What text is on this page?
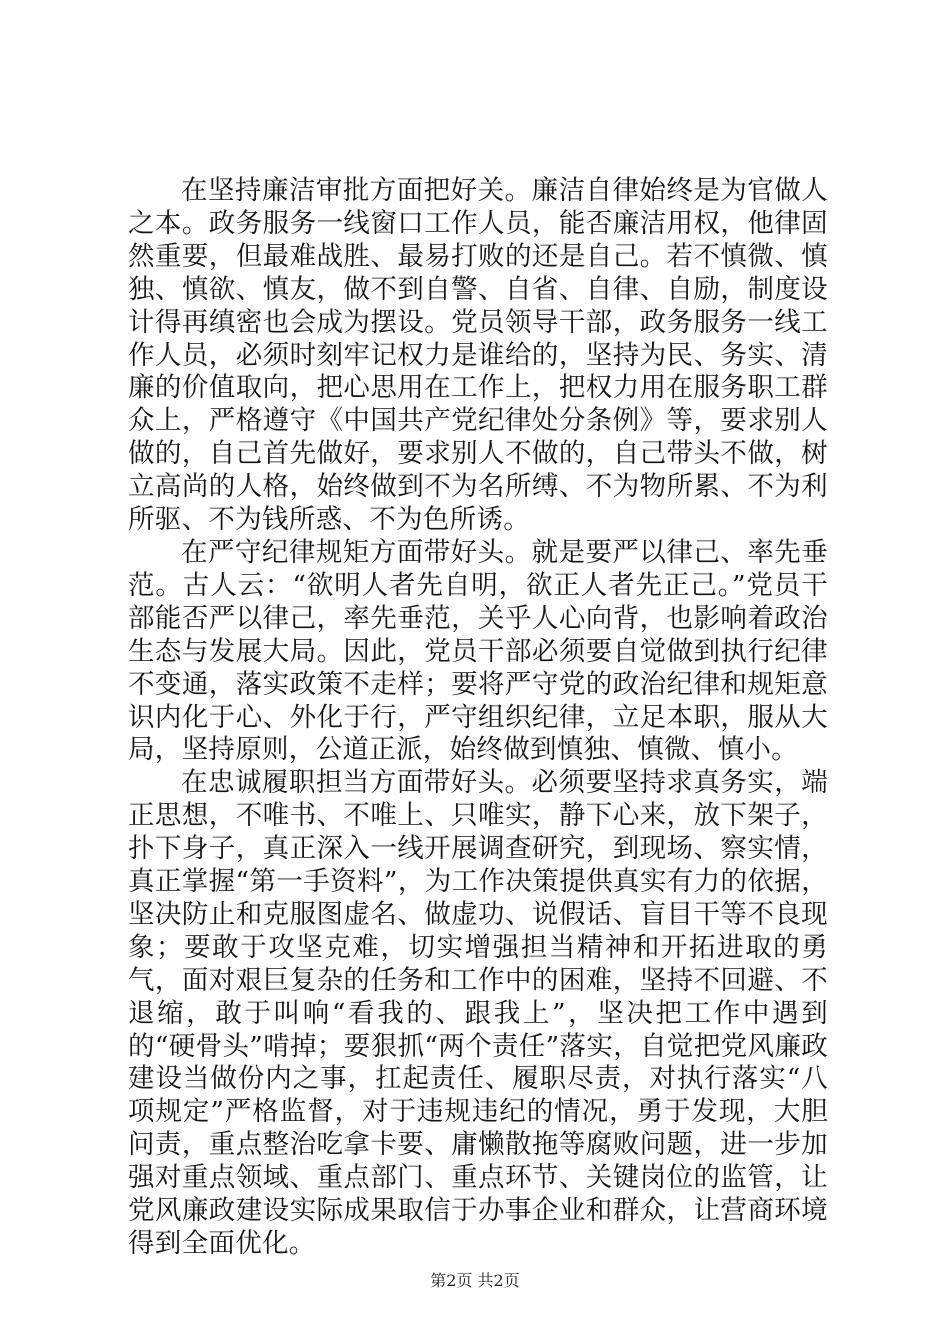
在坚持廉洁审批方面把好关。廉洁自律始终是为官做人之本。政务服务一线窗口工作人员，能否廉洁用权，他律固然重要，但最难战胜、最易打败的还是自己。若不慎微、慎独、慎欲、慎友，做不到自警、自省、自律、自励，制度设计得再缜密也会成为摆设。党员领导干部，政务服务一线工作人员，必须时刻牢记权力是谁给的，坚持为民、务实、清廉的价值取向，把心思用在工作上，把权力用在服务职工群众上，严格遵守《中国共产党纪律处分条例》等，要求别人做的，自己首先做好，要求别人不做的，自己带头不做，树立高尚的人格，始终做到不为名所缚、不为物所累、不为利所驱、不为钱所惑、不为色所诱。

在严守纪律规矩方面带好头。就是要严以律己、率先垂范。古人云：“欲明人者先自明，欲正人者先正己。”党员干部能否严以律己，率先垂范，关乎人心向背，也影响着政治生态与发展大局。因此，党员干部必须要自觉做到执行纪律不变通，落实政策不走样；要将严守党的政治纪律和规矩意识内化于心、外化于行，严守组织纪律，立足本职，服从大局，坚持原则，公道正派，始终做到慎独、慎微、慎小。

在忠诚履职担当方面带好头。必须要坚持求真务实，端正思想，不唯书、不唯上、只唯实，静下心来，放下架子，扑下身子，真正深入一线开展调查研究，到现场、察实情，真正掌握“第一手资料”，为工作决策提供真实有力的依据，坚决防止和克服图虚名、做虚功、说假话、盲目干等不良现象；要敢于攻坚克难，切实增强担当精神和开拓进取的勇气，面对艰巨复杂的任务和工作中的困难，坚持不回避、不退缩，敢于叫响“看我的、跟我上”，坚决把工作中遇到的“硬骨头”啃掉；要狠抓“两个责任”落实，自觉把党风廉政建设当做份内之事，扛起责任、履职尽责，对执行落实“八项规定”严格监督，对于违规违纪的情况，勇于发现，大胆问责，重点整治吃拿卡要、庸懒散拖等腐败问题，进一步加强对重点领域、重点部门、重点环节、关键岗位的监管，让党风廉政建设实际成果取信于办事企业和群众，让营商环境得到全面优化。

第2页 共2页
